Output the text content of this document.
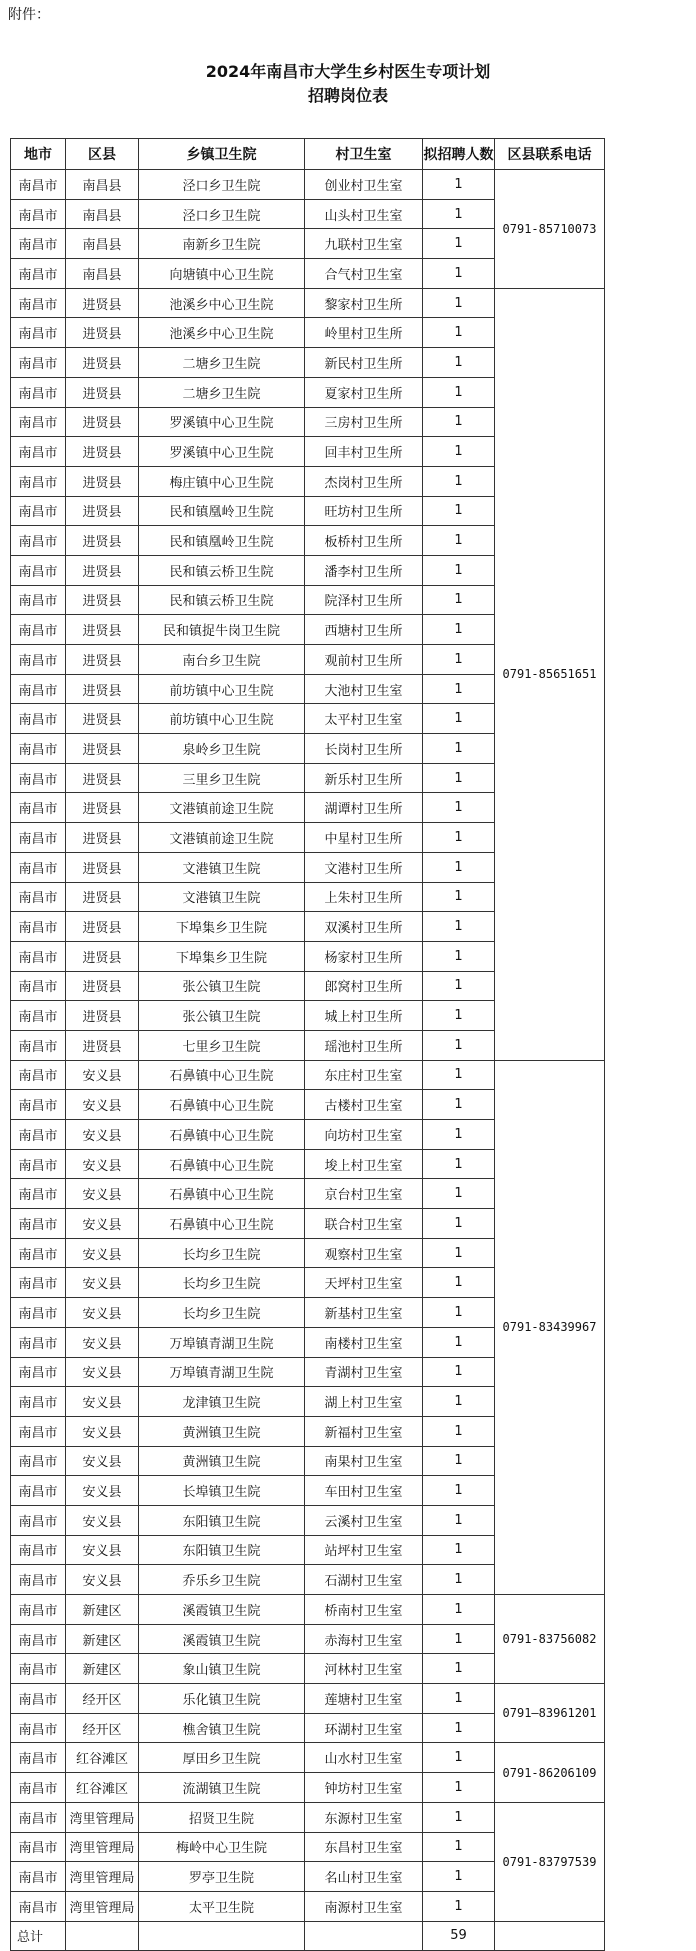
附件：
2024年南昌市大学生乡村医生专项计划
招聘岗位表
地市	区县	乡镇卫生院	村卫生室	拟招聘人数	区县联系电话
南昌市	南昌县	泾口乡卫生院	创业村卫生室	1	0791-85710073
南昌市	南昌县	泾口乡卫生院	山头村卫生室	1	
南昌市	南昌县	南新乡卫生院	九联村卫生室	1	
南昌市	南昌县	向塘镇中心卫生院	合气村卫生室	1	
南昌市	进贤县	池溪乡中心卫生院	黎家村卫生所	1	0791-85651651
南昌市	进贤县	池溪乡中心卫生院	岭里村卫生所	1	
南昌市	进贤县	二塘乡卫生院	新民村卫生所	1	
南昌市	进贤县	二塘乡卫生院	夏家村卫生所	1	
南昌市	进贤县	罗溪镇中心卫生院	三房村卫生所	1	
南昌市	进贤县	罗溪镇中心卫生院	回丰村卫生所	1	
南昌市	进贤县	梅庄镇中心卫生院	杰岗村卫生所	1	
南昌市	进贤县	民和镇凰岭卫生院	旺坊村卫生所	1	
南昌市	进贤县	民和镇凰岭卫生院	板桥村卫生所	1	
南昌市	进贤县	民和镇云桥卫生院	潘李村卫生所	1	
南昌市	进贤县	民和镇云桥卫生院	院泽村卫生所	1	
南昌市	进贤县	民和镇捉牛岗卫生院	西塘村卫生所	1	
南昌市	进贤县	南台乡卫生院	观前村卫生所	1	
南昌市	进贤县	前坊镇中心卫生院	大池村卫生室	1	
南昌市	进贤县	前坊镇中心卫生院	太平村卫生室	1	
南昌市	进贤县	泉岭乡卫生院	长岗村卫生所	1	
南昌市	进贤县	三里乡卫生院	新乐村卫生所	1	
南昌市	进贤县	文港镇前途卫生院	湖谭村卫生所	1	
南昌市	进贤县	文港镇前途卫生院	中星村卫生所	1	
南昌市	进贤县	文港镇卫生院	文港村卫生所	1	
南昌市	进贤县	文港镇卫生院	上朱村卫生所	1	
南昌市	进贤县	下埠集乡卫生院	双溪村卫生所	1	
南昌市	进贤县	下埠集乡卫生院	杨家村卫生所	1	
南昌市	进贤县	张公镇卫生院	郎窝村卫生所	1	
南昌市	进贤县	张公镇卫生院	城上村卫生所	1	
南昌市	进贤县	七里乡卫生院	瑶池村卫生所	1	
南昌市	安义县	石鼻镇中心卫生院	东庄村卫生室	1	0791-83439967
南昌市	安义县	石鼻镇中心卫生院	古楼村卫生室	1	
南昌市	安义县	石鼻镇中心卫生院	向坊村卫生室	1	
南昌市	安义县	石鼻镇中心卫生院	埈上村卫生室	1	
南昌市	安义县	石鼻镇中心卫生院	京台村卫生室	1	
南昌市	安义县	石鼻镇中心卫生院	联合村卫生室	1	
南昌市	安义县	长均乡卫生院	观察村卫生室	1	
南昌市	安义县	长均乡卫生院	天坪村卫生室	1	
南昌市	安义县	长均乡卫生院	新基村卫生室	1	
南昌市	安义县	万埠镇青湖卫生院	南楼村卫生室	1	
南昌市	安义县	万埠镇青湖卫生院	青湖村卫生室	1	
南昌市	安义县	龙津镇卫生院	湖上村卫生室	1	
南昌市	安义县	黄洲镇卫生院	新福村卫生室	1	
南昌市	安义县	黄洲镇卫生院	南果村卫生室	1	
南昌市	安义县	长埠镇卫生院	车田村卫生室	1	
南昌市	安义县	东阳镇卫生院	云溪村卫生室	1	
南昌市	安义县	东阳镇卫生院	站坪村卫生室	1	
南昌市	安义县	乔乐乡卫生院	石湖村卫生室	1	
南昌市	新建区	溪霞镇卫生院	桥南村卫生室	1	0791-83756082
南昌市	新建区	溪霞镇卫生院	赤海村卫生室	1	
南昌市	新建区	象山镇卫生院	河林村卫生室	1	
南昌市	经开区	乐化镇卫生院	莲塘村卫生室	1	0791—83961201
南昌市	经开区	樵舍镇卫生院	环湖村卫生室	1	
南昌市	红谷滩区	厚田乡卫生院	山水村卫生室	1	0791-86206109
南昌市	红谷滩区	流湖镇卫生院	钟坊村卫生室	1	
南昌市	湾里管理局	招贤卫生院	东源村卫生室	1	0791-83797539
南昌市	湾里管理局	梅岭中心卫生院	东昌村卫生室	1	
南昌市	湾里管理局	罗亭卫生院	名山村卫生室	1	
南昌市	湾里管理局	太平卫生院	南源村卫生室	1	
总计				59	
